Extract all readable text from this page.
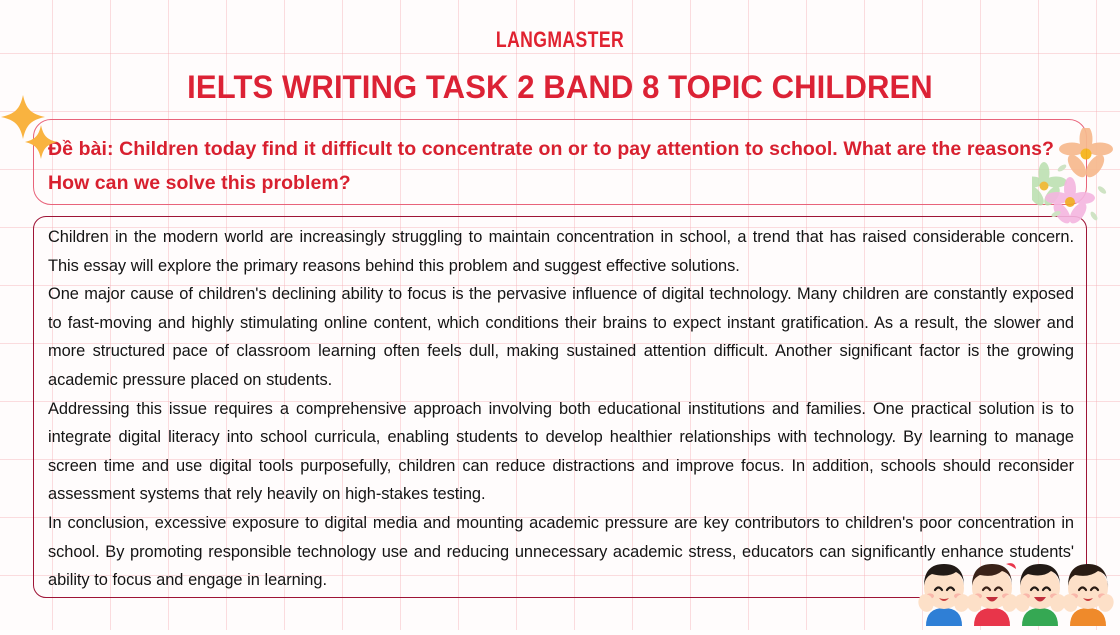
LANGMASTER
IELTS WRITING TASK 2 BAND 8 TOPIC CHILDREN
Đề bài: Children today find it difficult to concentrate on or to pay attention to school. What are the reasons? How can we solve this problem?

Children in the modern world are increasingly struggling to maintain concentration in school, a trend that has raised considerable concern. This essay will explore the primary reasons behind this problem and suggest effective solutions.

One major cause of children's declining ability to focus is the pervasive influence of digital technology. Many children are constantly exposed to fast-moving and highly stimulating online content, which conditions their brains to expect instant gratification. As a result, the slower and more structured pace of classroom learning often feels dull, making sustained attention difficult. Another significant factor is the growing academic pressure placed on students.

Addressing this issue requires a comprehensive approach involving both educational institutions and families. One practical solution is to integrate digital literacy into school curricula, enabling students to develop healthier relationships with technology. By learning to manage screen time and use digital tools purposefully, children can reduce distractions and improve focus. In addition, schools should reconsider assessment systems that rely heavily on high-stakes testing.

In conclusion, excessive exposure to digital media and mounting academic pressure are key contributors to children's poor concentration in school. By promoting responsible technology use and reducing unnecessary academic stress, educators can significantly enhance students' ability to focus and engage in learning.
